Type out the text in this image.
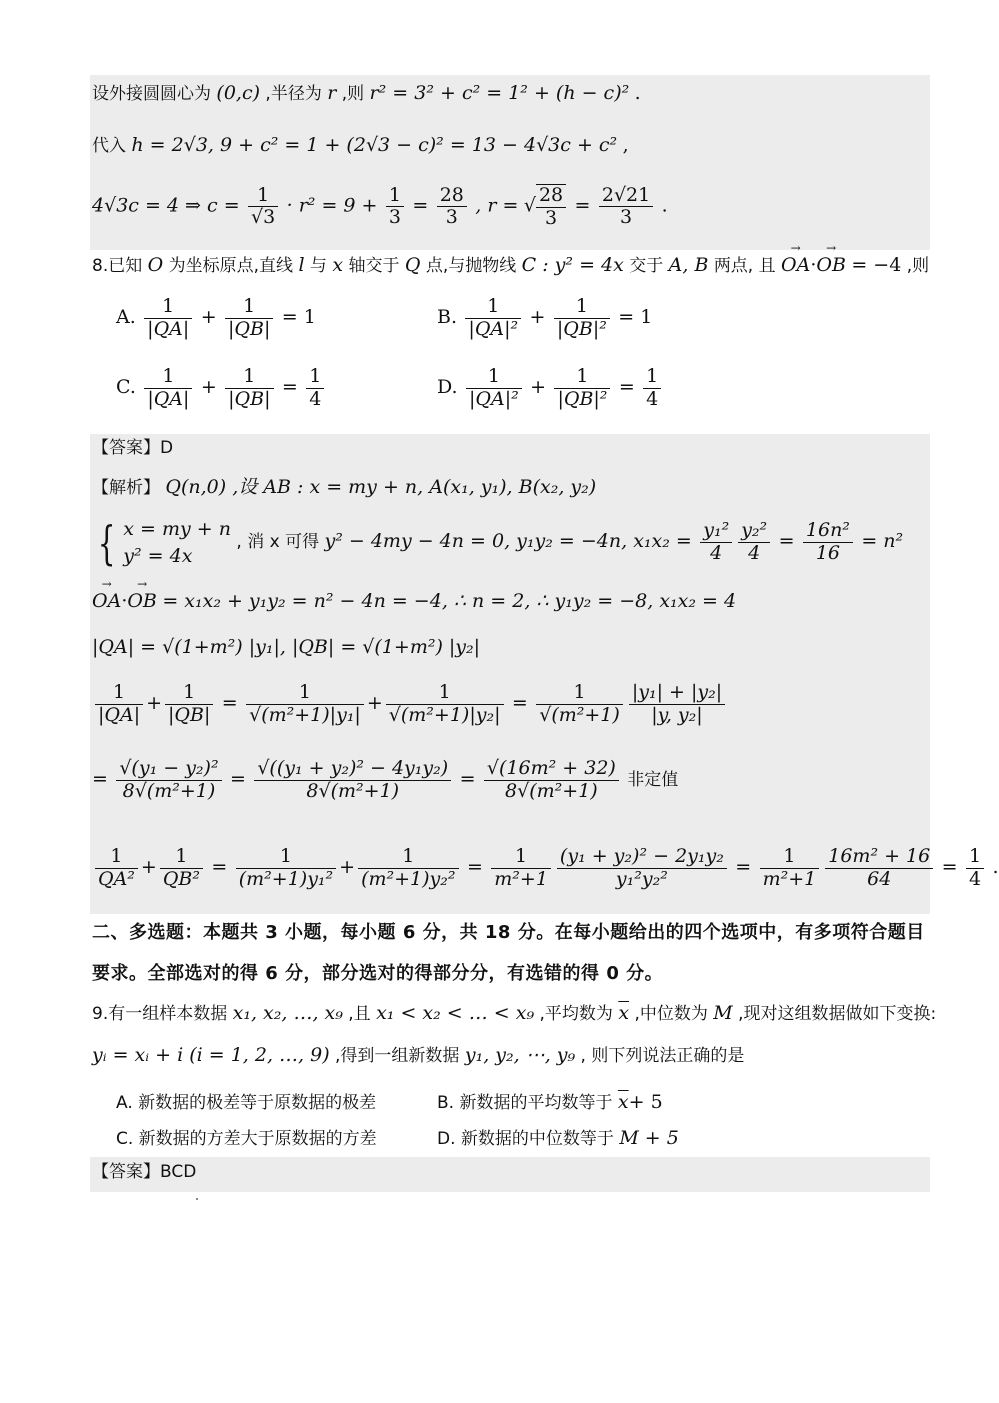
设外接圆圆心为 (0,c) ,半径为 r ,则 r² = 3² + c² = 1² + (h − c)² .
代入 h = 2√3, 9 + c² = 1 + (2√3 − c)² = 13 − 4√3c + c² ,
4√3c = 4 ⇒ $c = \frac{1}{√3} \cdot r^2 = 9 + \frac{1}{3} = \frac{28}{3}$ , r = √ $\frac{28}{3} = \frac{2√21}{3}$ .
8.已知 O 为坐标原点,直线 l 与 x 轴交于 Q 点,与抛物线 C : y² = 4x 交于 A, B 两点, 且 → OA·→ OB = −4 ,则
A. $\frac{1}{|QA|} + \frac{1}{|QB|} = 1$	B. $\frac{1}{\text{|QA|²}} + \frac{1}{\text{|QB|²}} = 1$
C. $\frac{1}{|QA|} + \frac{1}{|QB|} = \frac{1}{4}$	D. $\frac{1}{\text{|QA|²}} + \frac{1}{\text{|QB|²}} = \frac{1}{4}$
【答案】D
【解析】 Q(n,0) ,设 AB : x = my + n, A(x₁, y₁), B(x₂, y₂)
{ x = my + n
y² = 4x
, 消 x 可得 y² − 4my − 4n = 0, y₁y₂ = −4n, $x_1x_2 = \frac{\text{y₁²}}{4} \frac{\text{y₂²}}{4} = \frac{\text{16n²}}{16} = n^2$
→ OA·→ OB = x₁x₂ + y₁y₂ = n² − 4n = −4, ∴ n = 2, ∴ y₁y₂ = −8, x₁x₂ = 4
|QA| = √(1+m²) |y₁|, |QB| = √(1+m²) |y₂|
$\frac{1}{|QA|} + \frac{1}{|QB|} = \frac{1}{\text{√(m²+1)|y₁|}} + \frac{1}{\text{√(m²+1)|y₂|}} = \frac{1}{\text{√(m²+1)}} \frac{\text{|y₁| + |y₂|}}{\text{|y, y₂|}}$
= $\frac{\text{√(y₁ − y₂)²}}{\text{8√(m²+1)}} = \frac{\text{√((y₁ + y₂)² − 4y₁y₂)}}{\text{8√(m²+1)}} = \frac{\text{√(16m² + 32)}}{\text{8√(m²+1)}}$ 非定值
$\frac{1}{\text{QA²}} + \frac{1}{\text{QB²}} = \frac{1}{\text{(m²+1)y₁²}} + \frac{1}{\text{(m²+1)y₂²}} = \frac{1}{\text{m²+1}} \frac{\text{(y₁ + y₂)² − 2y₁y₂}}{\text{y₁²y₂²}} = \frac{1}{\text{m²+1}} \frac{\text{16m² + 16}}{64} = \frac{1}{4}$ .
二、多选题：本题共 3 小题，每小题 6 分，共 18 分。在每小题给出的四个选项中，有多项符合题目要求。全部选对的得 6 分，部分选对的得部分分，有选错的得 0 分。
9.有一组样本数据 x₁, x₂, …, x₉ ,且 x₁ < x₂ < … < x₉ ,平均数为 $\overline{x}$ ,中位数为 M ,现对这组数据做如下变换:
yᵢ = xᵢ + i (i = 1, 2, …, 9) ,得到一组新数据 y₁, y₂, ⋯, y₉ , 则下列说法正确的是
A. 新数据的极差等于原数据的极差	B. 新数据的平均数等于 $\overline{x}+ 5$
C. 新数据的方差大于原数据的方差	D. 新数据的中位数等于 M + 5
【答案】BCD
